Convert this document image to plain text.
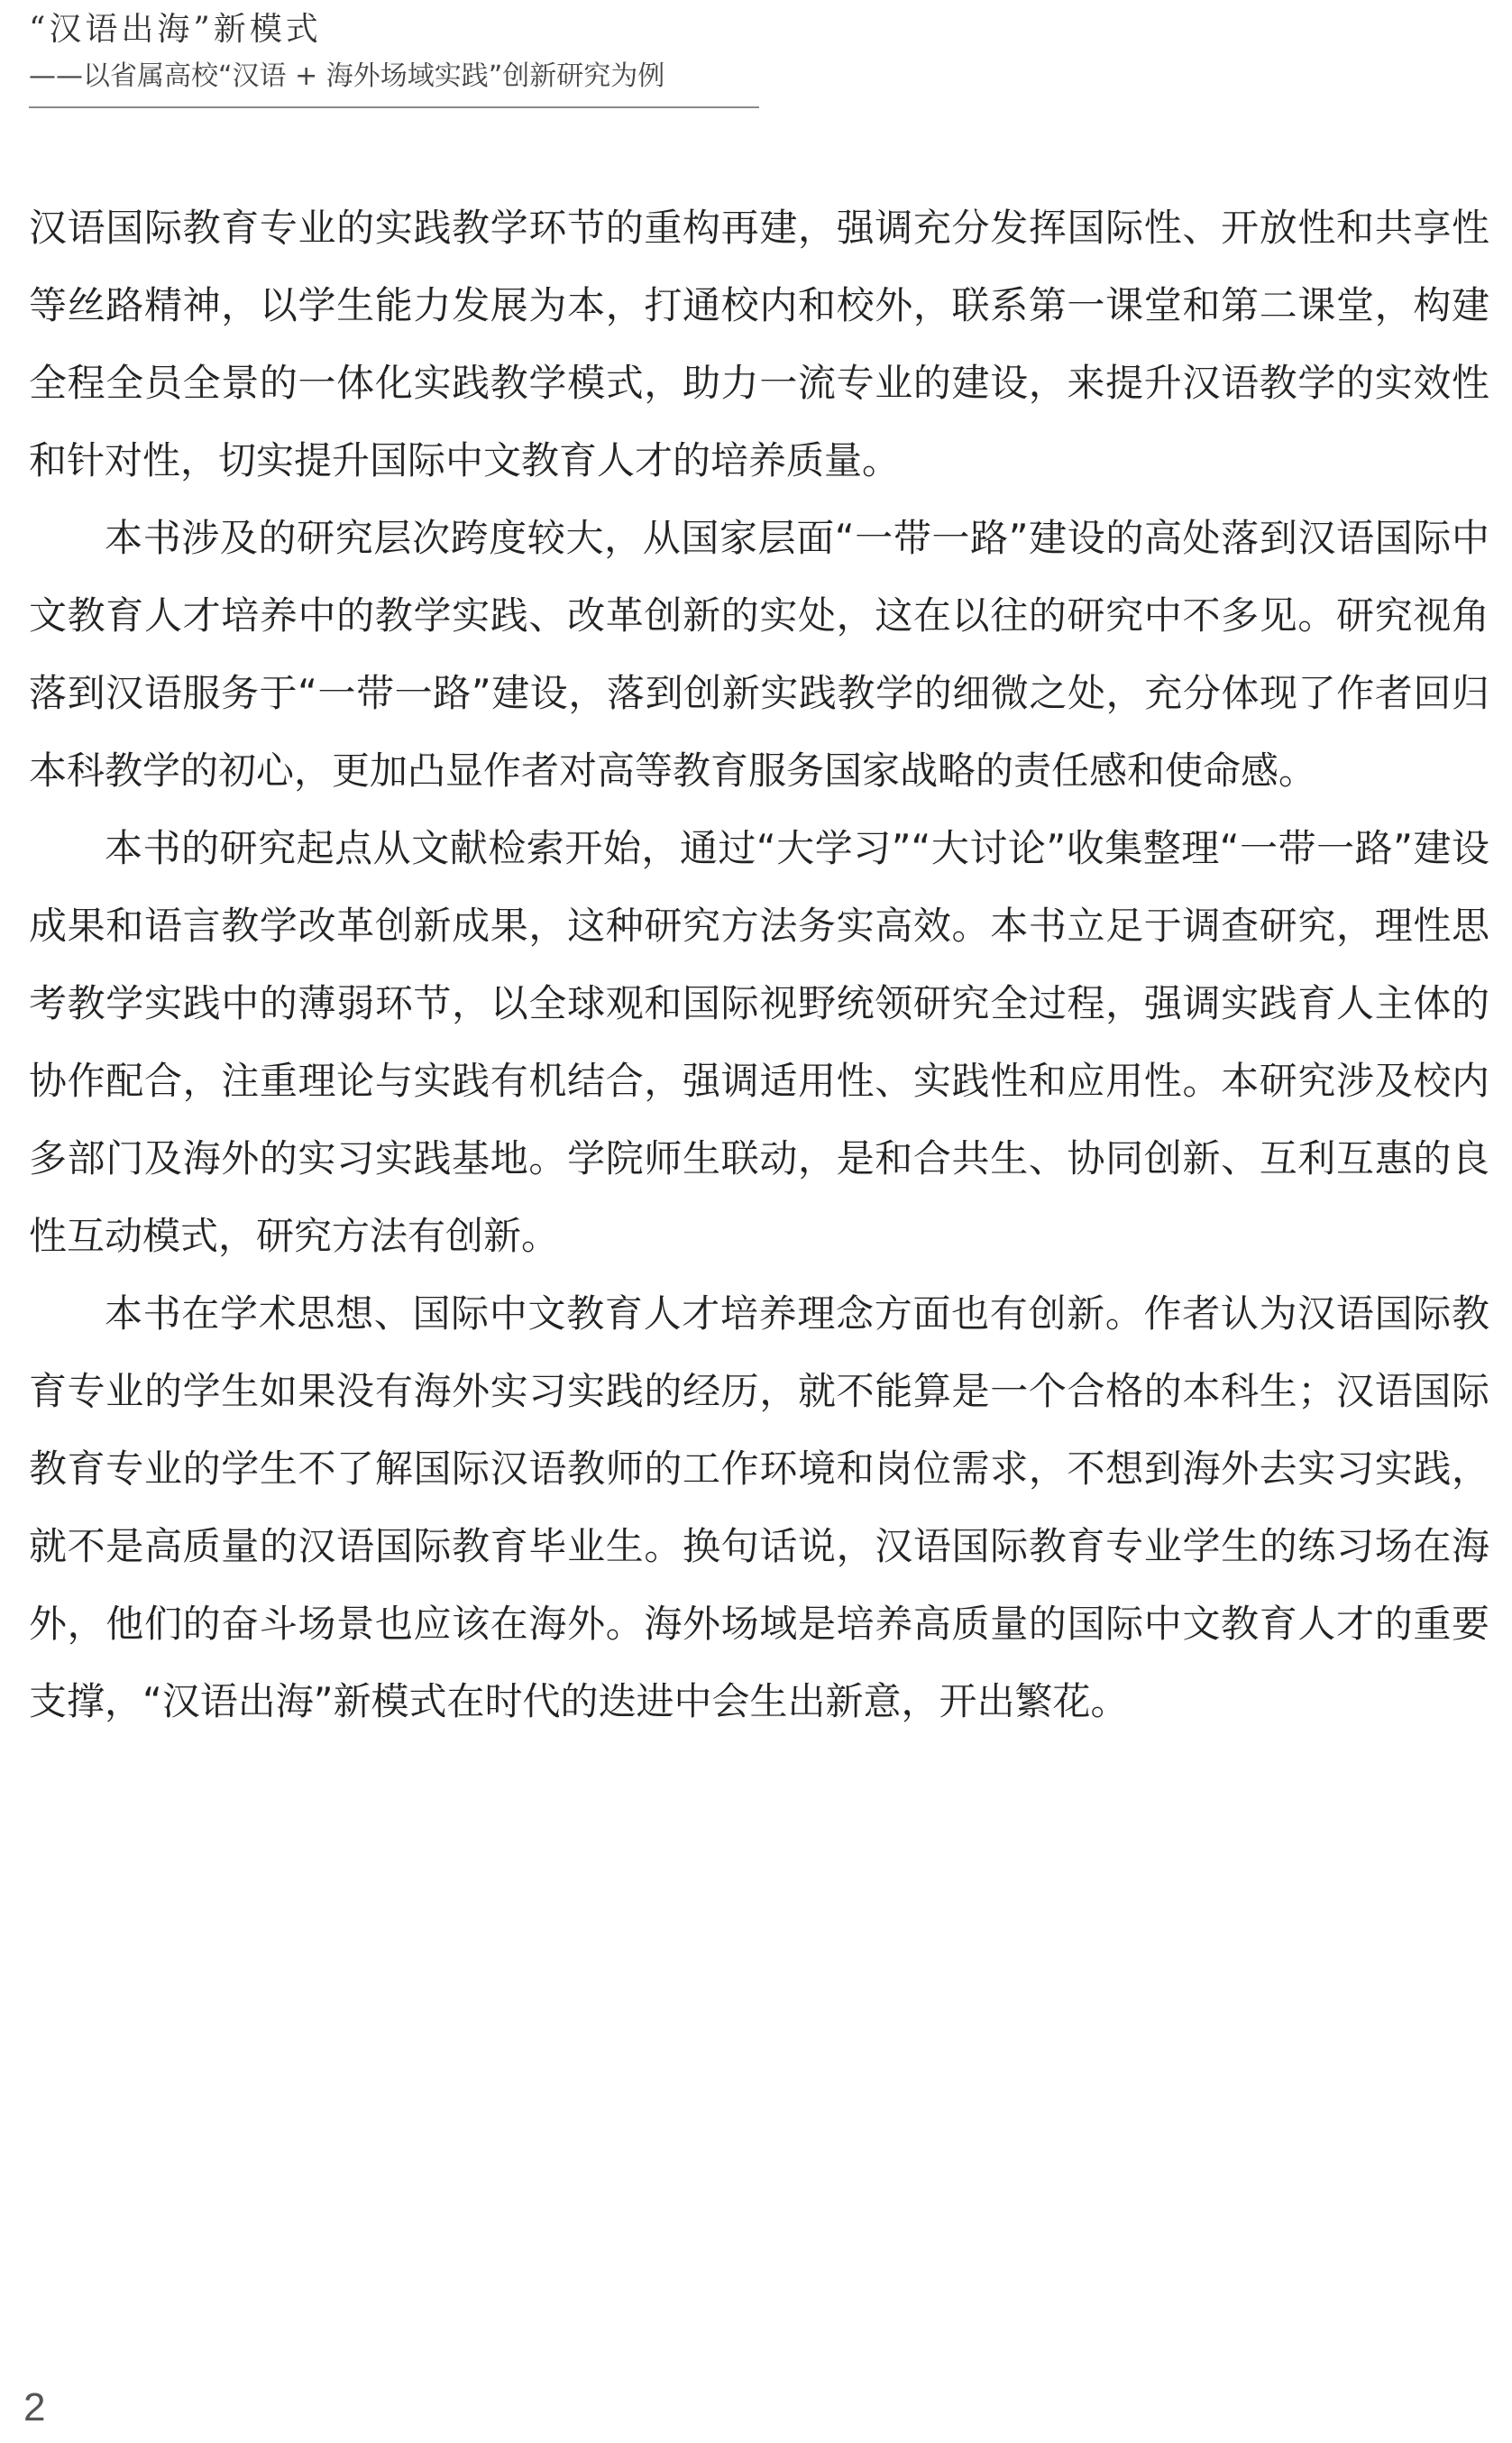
“汉语出海”新模式
——以省属高校“汉语 + 海外场域实践”创新研究为例

汉语国际教育专业的实践教学环节的重构再建，强调充分发挥国际性、开放性和共享性等丝路精神，以学生能力发展为本，打通校内和校外，联系第一课堂和第二课堂，构建全程全员全景的一体化实践教学模式，助力一流专业的建设，来提升汉语教学的实效性和针对性，切实提升国际中文教育人才的培养质量。

本书涉及的研究层次跨度较大，从国家层面“一带一路”建设的高处落到汉语国际中文教育人才培养中的教学实践、改革创新的实处，这在以往的研究中不多见。研究视角落到汉语服务于“一带一路”建设，落到创新实践教学的细微之处，充分体现了作者回归本科教学的初心，更加凸显作者对高等教育服务国家战略的责任感和使命感。

本书的研究起点从文献检索开始，通过“大学习”“大讨论”收集整理“一带一路”建设成果和语言教学改革创新成果，这种研究方法务实高效。本书立足于调查研究，理性思考教学实践中的薄弱环节，以全球观和国际视野统领研究全过程，强调实践育人主体的协作配合，注重理论与实践有机结合，强调适用性、实践性和应用性。本研究涉及校内多部门及海外的实习实践基地。学院师生联动，是和合共生、协同创新、互利互惠的良性互动模式，研究方法有创新。

本书在学术思想、国际中文教育人才培养理念方面也有创新。作者认为汉语国际教育专业的学生如果没有海外实习实践的经历，就不能算是一个合格的本科生；汉语国际教育专业的学生不了解国际汉语教师的工作环境和岗位需求，不想到海外去实习实践，就不是高质量的汉语国际教育毕业生。换句话说，汉语国际教育专业学生的练习场在海外，他们的奋斗场景也应该在海外。海外场域是培养高质量的国际中文教育人才的重要支撑，“汉语出海”新模式在时代的迭进中会生出新意，开出繁花。

2
